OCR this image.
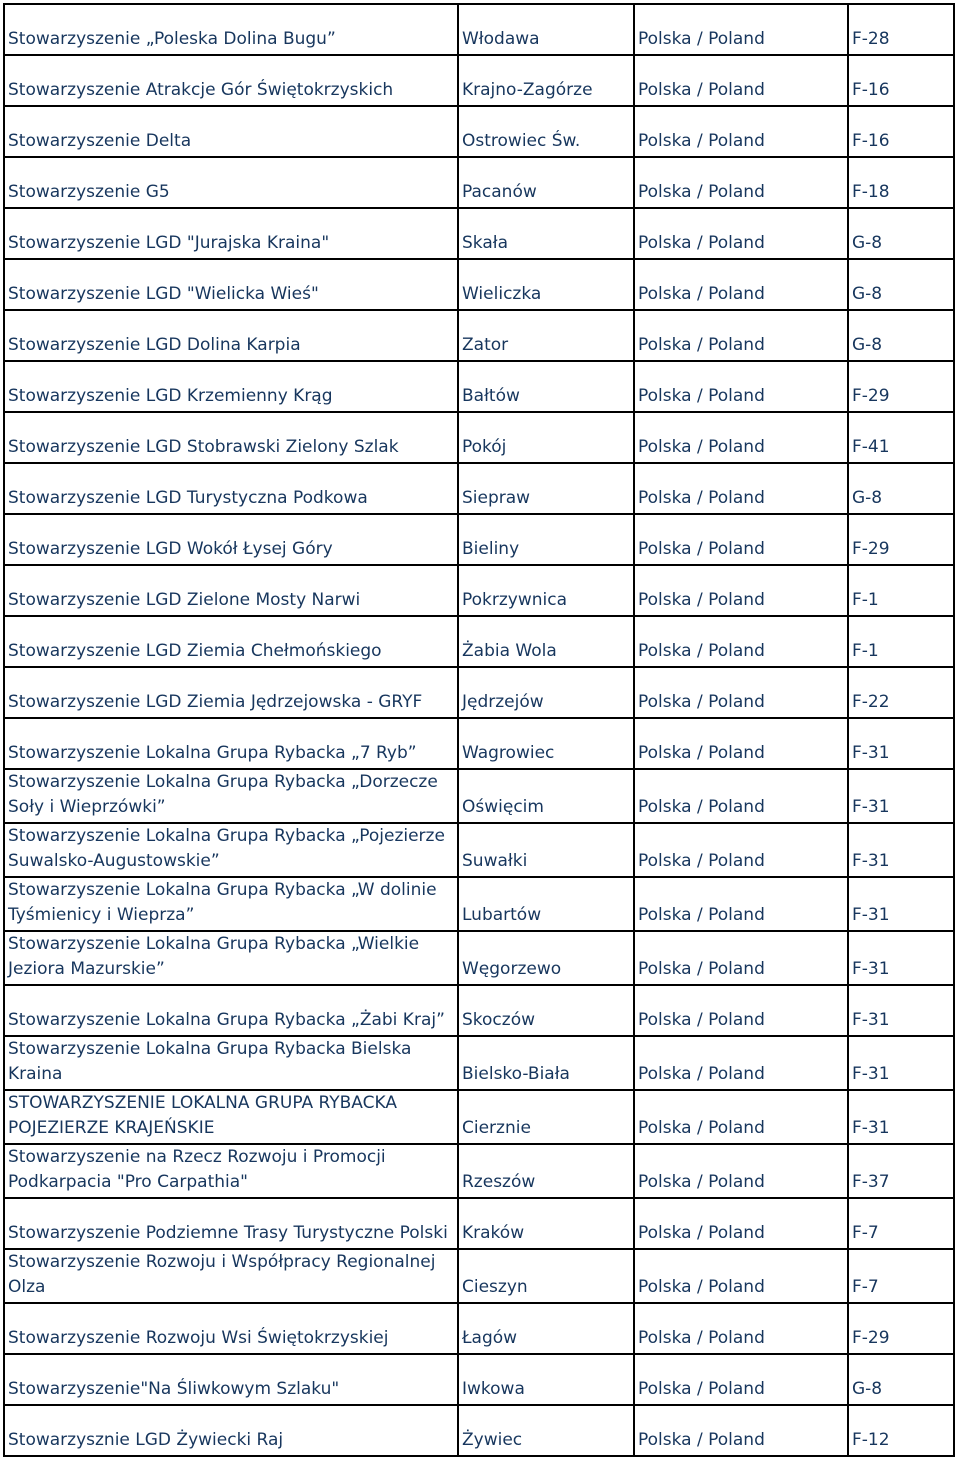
Stowarzyszenie „Poleska Dolina Bugu”	Włodawa	Polska / Poland	F-28
Stowarzyszenie Atrakcje Gór Świętokrzyskich	Krajno-Zagórze	Polska / Poland	F-16
Stowarzyszenie Delta	Ostrowiec Św.	Polska / Poland	F-16
Stowarzyszenie G5	Pacanów	Polska / Poland	F-18
Stowarzyszenie LGD "Jurajska Kraina"	Skała	Polska / Poland	G-8
Stowarzyszenie LGD "Wielicka Wieś"	Wieliczka	Polska / Poland	G-8
Stowarzyszenie LGD Dolina Karpia	Zator	Polska / Poland	G-8
Stowarzyszenie LGD Krzemienny Krąg	Bałtów	Polska / Poland	F-29
Stowarzyszenie LGD Stobrawski Zielony Szlak	Pokój	Polska / Poland	F-41
Stowarzyszenie LGD Turystyczna Podkowa	Siepraw	Polska / Poland	G-8
Stowarzyszenie LGD Wokół Łysej Góry	Bieliny	Polska / Poland	F-29
Stowarzyszenie LGD Zielone Mosty Narwi	Pokrzywnica	Polska / Poland	F-1
Stowarzyszenie LGD Ziemia Chełmońskiego	Żabia Wola	Polska / Poland	F-1
Stowarzyszenie LGD Ziemia Jędrzejowska - GRYF	Jędrzejów	Polska / Poland	F-22
Stowarzyszenie Lokalna Grupa Rybacka „7 Ryb”	Wagrowiec	Polska / Poland	F-31
Stowarzyszenie Lokalna Grupa Rybacka „Dorzecze Soły i Wieprzówki”	Oświęcim	Polska / Poland	F-31
Stowarzyszenie Lokalna Grupa Rybacka „Pojezierze Suwalsko-Augustowskie”	Suwałki	Polska / Poland	F-31
Stowarzyszenie Lokalna Grupa Rybacka „W dolinie Tyśmienicy i Wieprza”	Lubartów	Polska / Poland	F-31
Stowarzyszenie Lokalna Grupa Rybacka „Wielkie Jeziora Mazurskie”	Węgorzewo	Polska / Poland	F-31
Stowarzyszenie Lokalna Grupa Rybacka „Żabi Kraj”	Skoczów	Polska / Poland	F-31
Stowarzyszenie Lokalna Grupa Rybacka Bielska Kraina	Bielsko-Biała	Polska / Poland	F-31
STOWARZYSZENIE LOKALNA GRUPA RYBACKA POJEZIERZE KRAJEŃSKIE	Cierznie	Polska / Poland	F-31
Stowarzyszenie na Rzecz Rozwoju i Promocji Podkarpacia "Pro Carpathia"	Rzeszów	Polska / Poland	F-37
Stowarzyszenie Podziemne Trasy Turystyczne Polski	Kraków	Polska / Poland	F-7
Stowarzyszenie Rozwoju i Współpracy Regionalnej Olza	Cieszyn	Polska / Poland	F-7
Stowarzyszenie Rozwoju Wsi Świętokrzyskiej	Łagów	Polska / Poland	F-29
Stowarzyszenie"Na Śliwkowym Szlaku"	Iwkowa	Polska / Poland	G-8
Stowarzysznie LGD Żywiecki Raj	Żywiec	Polska / Poland	F-12
